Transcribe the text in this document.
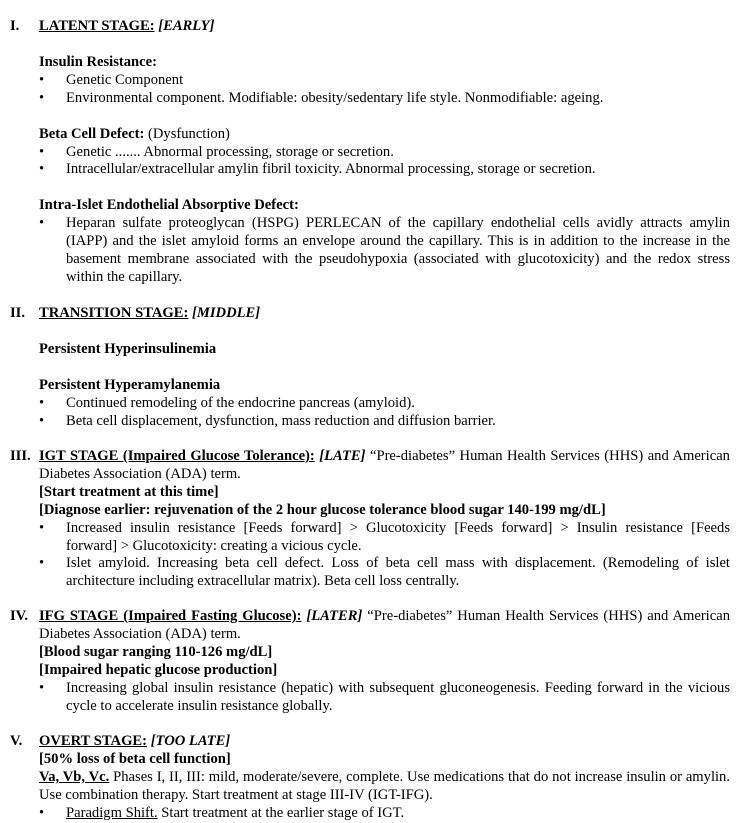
I. LATENT STAGE: [EARLY]
Insulin Resistance:
• Genetic Component
• Environmental component. Modifiable: obesity/sedentary life style. Nonmodifiable: ageing.
Beta Cell Defect: (Dysfunction)
• Genetic ....... Abnormal processing, storage or secretion.
• Intracellular/extracellular amylin fibril toxicity. Abnormal processing, storage or secretion.
Intra-Islet Endothelial Absorptive Defect:
• Heparan sulfate proteoglycan (HSPG) PERLECAN of the capillary endothelial cells avidly attracts amylin (IAPP) and the islet amyloid forms an envelope around the capillary. This is in addition to the increase in the basement membrane associated with the pseudohypoxia (associated with glucotoxicity) and the redox stress within the capillary.
II. TRANSITION STAGE: [MIDDLE]
Persistent Hyperinsulinemia
Persistent Hyperamylanemia
• Continued remodeling of the endocrine pancreas (amyloid).
• Beta cell displacement, dysfunction, mass reduction and diffusion barrier.
III. IGT STAGE (Impaired Glucose Tolerance): [LATE] “Pre-diabetes” Human Health Services (HHS) and American Diabetes Association (ADA) term.
[Start treatment at this time]
[Diagnose earlier: rejuvenation of the 2 hour glucose tolerance blood sugar 140-199 mg/dL]
• Increased insulin resistance [Feeds forward] > Glucotoxicity [Feeds forward] > Insulin resistance [Feeds forward] > Glucotoxicity: creating a vicious cycle.
• Islet amyloid. Increasing beta cell defect. Loss of beta cell mass with displacement. (Remodeling of islet architecture including extracellular matrix). Beta cell loss centrally.
IV. IFG STAGE (Impaired Fasting Glucose): [LATER] “Pre-diabetes” Human Health Services (HHS) and American Diabetes Association (ADA) term.
[Blood sugar ranging 110-126 mg/dL]
[Impaired hepatic glucose production]
• Increasing global insulin resistance (hepatic) with subsequent gluconeogenesis. Feeding forward in the vicious cycle to accelerate insulin resistance globally.
V. OVERT STAGE: [TOO LATE]
[50% loss of beta cell function]
Va, Vb, Vc. Phases I, II, III: mild, moderate/severe, complete. Use medications that do not increase insulin or amylin. Use combination therapy. Start treatment at stage III-IV (IGT-IFG).
• Paradigm Shift. Start treatment at the earlier stage of IGT.
